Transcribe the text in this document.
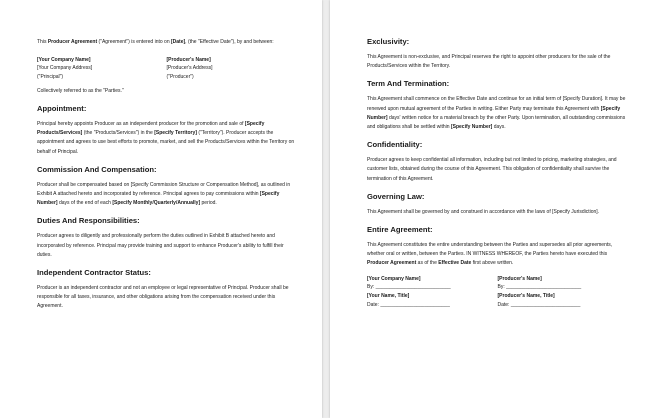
This Producer Agreement ("Agreement") is entered into on [Date], (the "Effective Date"), by and between:

[Your Company Name]

[Your Company Address]

("Principal")

[Producer's Name]

[Producer's Address]

("Producer")

Collectively referred to as the "Parties."

Appointment:

Principal hereby appoints Producer as an independent producer for the promotion and sale of [Specify Products/Services] (the "Products/Services") in the [Specify Territory] ("Territory"). Producer accepts the appointment and agrees to use best efforts to promote, market, and sell the Products/Services within the Territory on behalf of Principal.

Commission And Compensation:

Producer shall be compensated based on [Specify Commission Structure or Compensation Method], as outlined in Exhibit A attached hereto and incorporated by reference. Principal agrees to pay commissions within [Specify Number] days of the end of each [Specify Monthly/Quarterly/Annually] period.

Duties And Responsibilities:

Producer agrees to diligently and professionally perform the duties outlined in Exhibit B attached hereto and incorporated by reference. Principal may provide training and support to enhance Producer's ability to fulfill their duties.

Independent Contractor Status:

Producer is an independent contractor and not an employee or legal representative of Principal. Producer shall be responsible for all taxes, insurance, and other obligations arising from the compensation received under this Agreement.

Exclusivity:

This Agreement is non-exclusive, and Principal reserves the right to appoint other producers for the sale of the Products/Services within the Territory.

Term And Termination:

This Agreement shall commence on the Effective Date and continue for an initial term of [Specify Duration]. It may be renewed upon mutual agreement of the Parties in writing. Either Party may terminate this Agreement with [Specify Number] days' written notice for a material breach by the other Party. Upon termination, all outstanding commissions and obligations shall be settled within [Specify Number] days.

Confidentiality:

Producer agrees to keep confidential all information, including but not limited to pricing, marketing strategies, and customer lists, obtained during the course of this Agreement. This obligation of confidentiality shall survive the termination of this Agreement.

Governing Law:

This Agreement shall be governed by and construed in accordance with the laws of [Specify Jurisdiction].

Entire Agreement:

This Agreement constitutes the entire understanding between the Parties and supersedes all prior agreements, whether oral or written, between the Parties. IN WITNESS WHEREOF, the Parties hereto have executed this Producer Agreement as of the Effective Date first above written.

[Your Company Name]

By: ___________________________

[Your Name, Title]

Date: _________________________

[Producer's Name]

By: ___________________________

[Producer's Name, Title]

Date: _________________________
